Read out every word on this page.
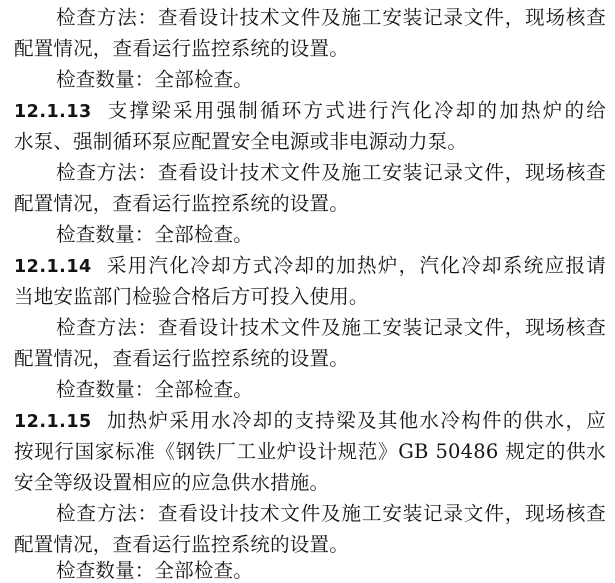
检查方法：查看设计技术文件及施工安装记录文件，现场核查
配置情况，查看运行监控系统的设置。
检查数量：全部检查。
12.1.13 支撑梁采用强制循环方式进行汽化冷却的加热炉的给
水泵、强制循环泵应配置安全电源或非电源动力泵。
检查方法：查看设计技术文件及施工安装记录文件，现场核查
配置情况，查看运行监控系统的设置。
检查数量：全部检查。
12.1.14 采用汽化冷却方式冷却的加热炉，汽化冷却系统应报请
当地安监部门检验合格后方可投入使用。
检查方法：查看设计技术文件及施工安装记录文件，现场核查
配置情况，查看运行监控系统的设置。
检查数量：全部检查。
12.1.15 加热炉采用水冷却的支持梁及其他水冷构件的供水，应
按现行国家标准《钢铁厂工业炉设计规范》GB 50486 规定的供水
安全等级设置相应的应急供水措施。
检查方法：查看设计技术文件及施工安装记录文件，现场核查
配置情况，查看运行监控系统的设置。
检查数量：全部检查。
